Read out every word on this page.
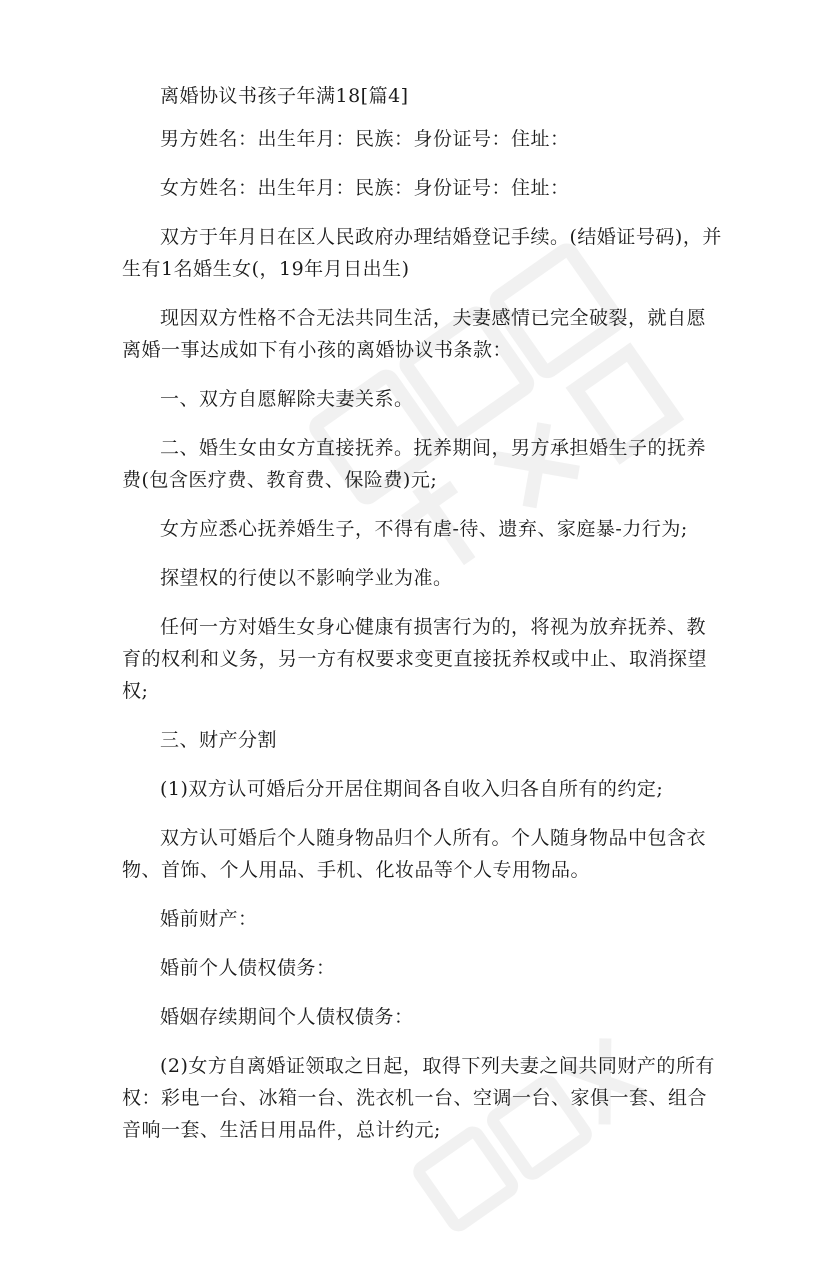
离婚协议书孩子年满18[篇4]

男方姓名：出生年月：民族：身份证号：住址：

女方姓名：出生年月：民族：身份证号：住址：

双方于年月日在区人民政府办理结婚登记手续。(结婚证号码)，并生有1名婚生女(，19年月日出生)

现因双方性格不合无法共同生活，夫妻感情已完全破裂，就自愿离婚一事达成如下有小孩的离婚协议书条款：

一、双方自愿解除夫妻关系。

二、婚生女由女方直接抚养。抚养期间，男方承担婚生子的抚养费(包含医疗费、教育费、保险费)元;

女方应悉心抚养婚生子，不得有虐-待、遗弃、家庭暴-力行为;

探望权的行使以不影响学业为准。

任何一方对婚生女身心健康有损害行为的，将视为放弃抚养、教育的权利和义务，另一方有权要求变更直接抚养权或中止、取消探望权;

三、财产分割

(1)双方认可婚后分开居住期间各自收入归各自所有的约定;

双方认可婚后个人随身物品归个人所有。个人随身物品中包含衣物、首饰、个人用品、手机、化妆品等个人专用物品。

婚前财产：

婚前个人债权债务：

婚姻存续期间个人债权债务：

(2)女方自离婚证领取之日起，取得下列夫妻之间共同财产的所有权：彩电一台、冰箱一台、洗衣机一台、空调一台、家俱一套、组合音响一套、生活日用品件，总计约元;
